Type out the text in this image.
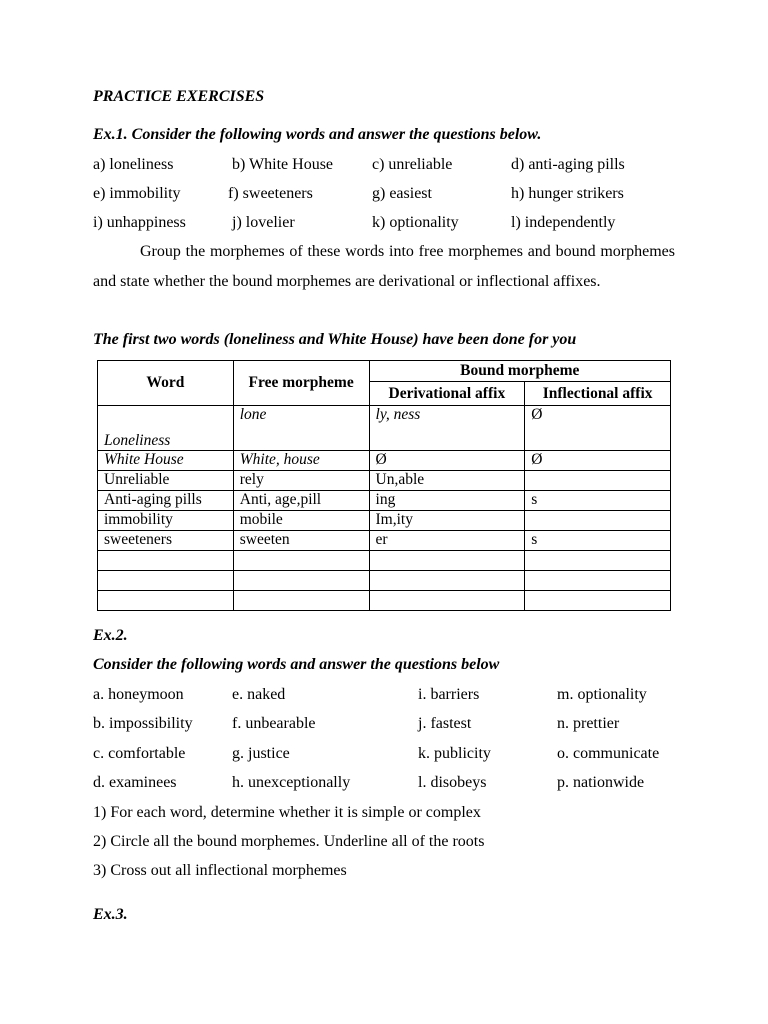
PRACTICE EXERCISES
Ex.1. Consider the following words and answer the questions below.
a) loneliness	b) White House c) unreliable	d) anti-aging pills
e) immobility	f) sweeteners	g) easiest	h) hunger strikers
i) unhappiness	j) lovelier	k) optionality	l) independently
Group the morphemes of these words into free morphemes and bound morphemes and state whether the bound morphemes are derivational or inflectional affixes.
The first two words (loneliness and White House) have been done for you
Word	Free morpheme	Bound morpheme	
		Derivational affix	Inflectional affix
Loneliness	lone	ly, ness	Ø
White House	White, house	Ø	Ø
Unreliable	rely	Un,able	
Anti-aging pills	Anti, age,pill	ing	s
immobility	mobile	Im,ity	
sweeteners	sweeten	er	s

Ex.2.
Consider the following words and answer the questions below
a. honeymoon	e. naked	i. barriers	m. optionality
b. impossibility f. unbearable	j. fastest	n. prettier
c. comfortable	g. justice	k. publicity	o. communicate
d. examinees	h. unexceptionally	l. disobeys	p. nationwide
1) For each word, determine whether it is simple or complex
2) Circle all the bound morphemes. Underline all of the roots
3) Cross out all inflectional morphemes
Ex.3.
